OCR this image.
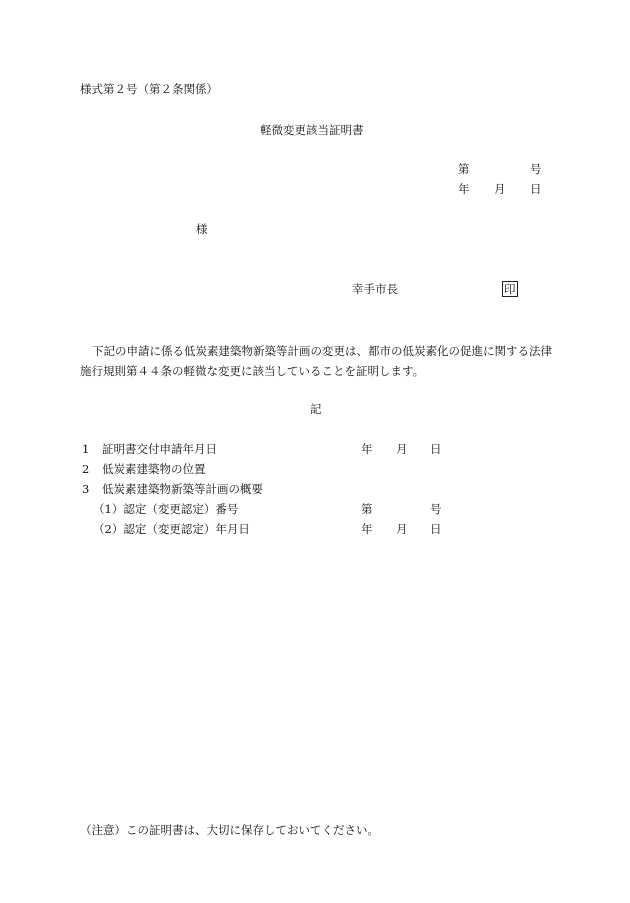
様式第２号（第２条関係）
軽微変更該当証明書
第	号
年 月 日
様
幸手市長	印
下記の申請に係る低炭素建築物新築等計画の変更は、都市の低炭素化の促進に関する法律施行規則第４４条の軽微な変更に該当していることを証明します。
記
1 証明書交付申請年月日	年 月 日
2 低炭素建築物の位置
3 低炭素建築物新築等計画の概要
（1）認定（変更認定）番号	第	号
（2）認定（変更認定）年月日	年 月 日
（注意）この証明書は、大切に保存しておいてください。
